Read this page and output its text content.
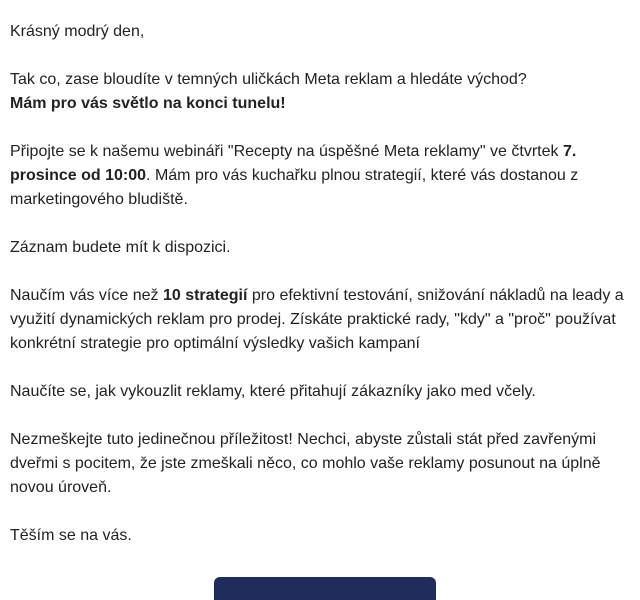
Krásný modrý den,

Tak co, zase bloudíte v temných uličkách Meta reklam a hledáte východ?
Mám pro vás světlo na konci tunelu!

Připojte se k našemu webináři "Recepty na úspěšné Meta reklamy" ve čtvrtek 7. prosince od 10:00. Mám pro vás kuchařku plnou strategií, které vás dostanou z marketingového bludiště.

Záznam budete mít k dispozici.

Naučím vás více než 10 strategií pro efektivní testování, snižování nákladů na leady a využití dynamických reklam pro prodej. Získáte praktické rady, "kdy" a "proč" používat konkrétní strategie pro optimální výsledky vašich kampaní

Naučíte se, jak vykouzlit reklamy, které přitahují zákazníky jako med včely.

Nezmeškejte tuto jedinečnou příležitost! Nechci, abyste zůstali stát před zavřenými dveřmi s pocitem, že jste zmeškali něco, co mohlo vaše reklamy posunout na úplně novou úroveň.

Těším se na vás.
